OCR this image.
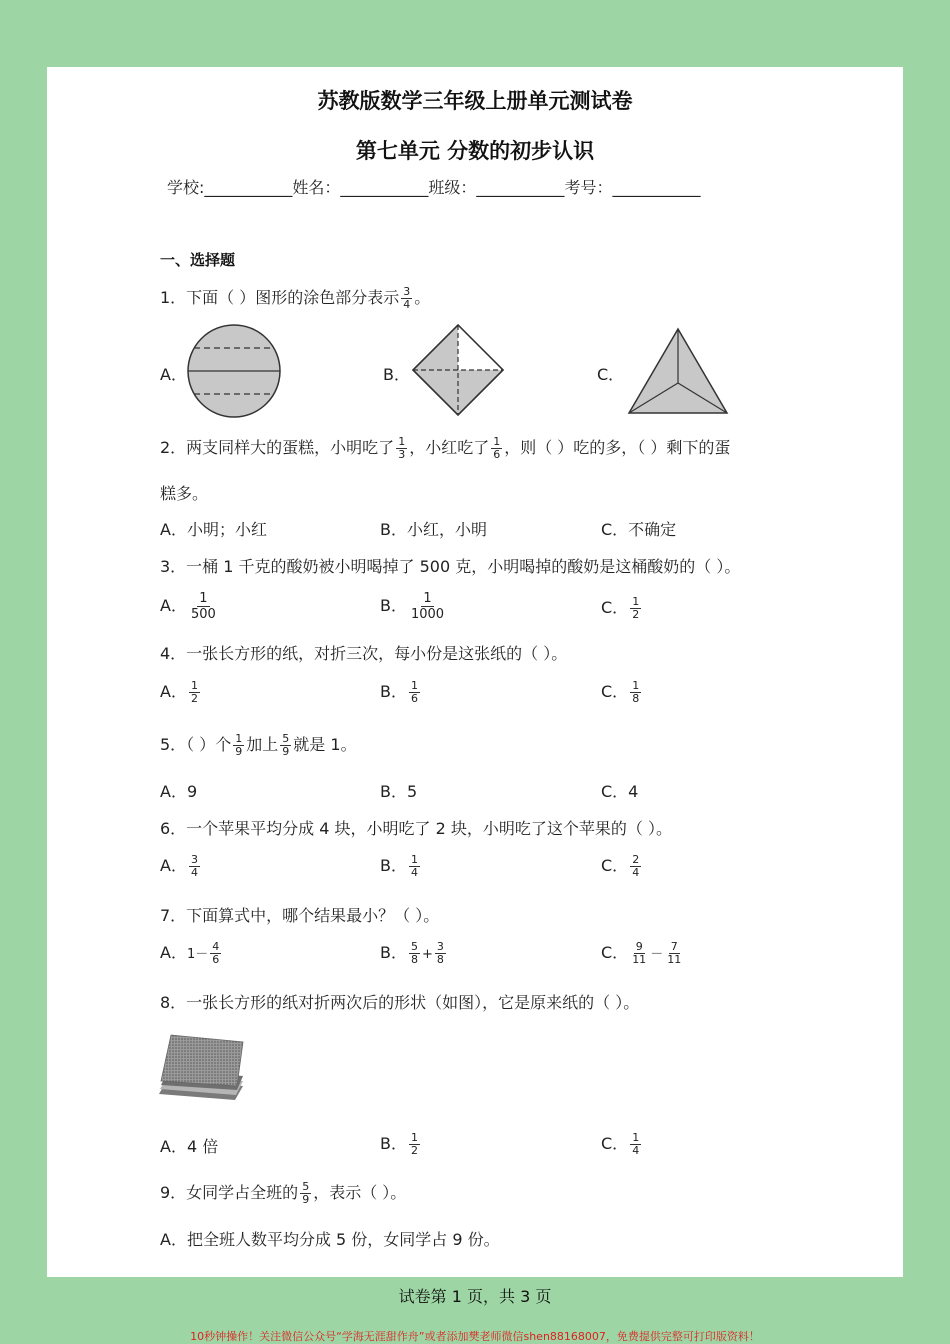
苏教版数学三年级上册单元测试卷
第七单元 分数的初步认识
学校:___________姓名：___________班级：___________考号：___________
一、选择题
1．下面（ ）图形的涂色部分表示 $\frac{3}{4}$ 。
A．	B．	C．
2．两支同样大的蛋糕，小明吃了 $\frac{1}{3}$ ，小红吃了 $\frac{1}{6}$ ，则（ ）吃的多，（ ）剩下的蛋
糕多。
A．小明；小红	B．小红，小明	C．不确定
3．一桶 1 千克的酸奶被小明喝掉了 500 克，小明喝掉的酸奶是这桶酸奶的（ ）。
A． $\frac{1}{500}$	B． $\frac{1}{1000}$	C． $\frac{1}{2}$
4．一张长方形的纸，对折三次，每小份是这张纸的（ ）。
A． $\frac{1}{2}$	B． $\frac{1}{6}$	C． $\frac{1}{8}$
5．（ ）个 $\frac{1}{9}$ 加上 $\frac{5}{9}$ 就是 1。
A．9	B．5	C．4
6．一个苹果平均分成 4 块，小明吃了 2 块，小明吃了这个苹果的（ ）。
A． $\frac{3}{4}$	B． $\frac{1}{4}$	C． $\frac{2}{4}$
7．下面算式中，哪个结果最小？（ ）。
A．$1- \frac{4}{6}$	B． $\frac{5}{8} + \frac{3}{8}$	C． $\frac{9}{11} - \frac{7}{11}$
8．一张长方形的纸对折两次后的形状（如图），它是原来纸的（ ）。
A．4 倍	B． $\frac{1}{2}$	C． $\frac{1}{4}$
9．女同学占全班的 $\frac{5}{9}$ ，表示（ ）。
A．把全班人数平均分成 5 份，女同学占 9 份。
试卷第 1 页，共 3 页
10秒钟操作！关注微信公众号“学海无涯甜作舟”或者添加樊老师微信shen88168007，免费提供完整可打印版资料！
